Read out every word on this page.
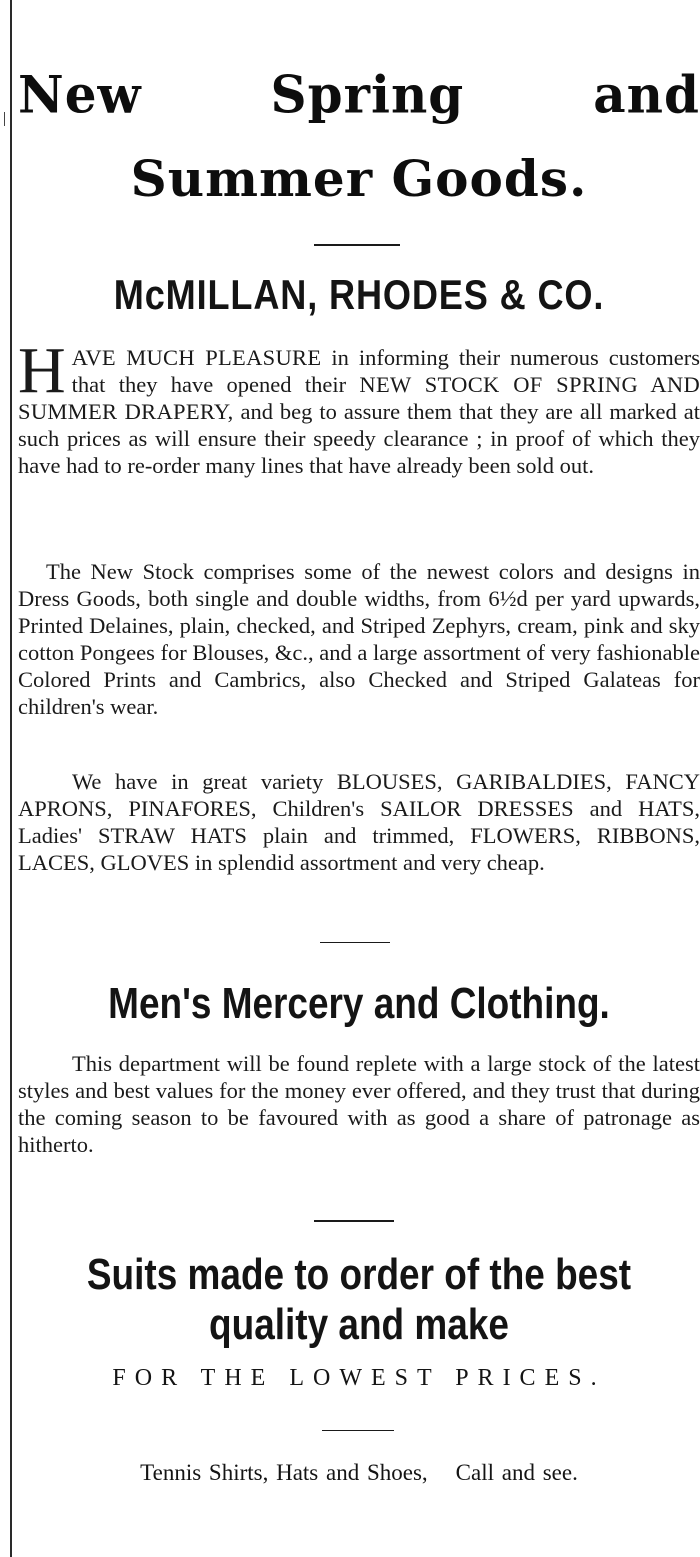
New	Spring	and
Summer Goods.
McMILLAN, RHODES & CO.

HAVE MUCH PLEASURE in informing their numerous customers that they have opened their NEW STOCK OF SPRING AND SUMMER DRAPERY, and beg to assure them that they are all marked at such prices as will ensure their speedy clearance ; in proof of which they have had to re-order many lines that have already been sold out.

The New Stock comprises some of the newest colors and designs in Dress Goods, both single and double widths, from 6½d per yard upwards, Printed Delaines, plain, checked, and Striped Zephyrs, cream, pink and sky cotton Pongees for Blouses, &c., and a large assortment of very fashionable Colored Prints and Cambrics, also Checked and Striped Galateas for children's wear.

We have in great variety BLOUSES, GARIBALDIES, FANCY APRONS, PINAFORES, Children's SAILOR DRESSES and HATS, Ladies' STRAW HATS plain and trimmed, FLOWERS, RIBBONS, LACES, GLOVES in splendid assortment and very cheap.

Men's Mercery and Clothing.

This department will be found replete with a large stock of the latest styles and best values for the money ever offered, and they trust that during the coming season to be favoured with as good a share of patronage as hitherto.

Suits made to order of the best
quality and make

FOR THE LOWEST PRICES.

Tennis Shirts, Hats and Shoes, Call and see.
